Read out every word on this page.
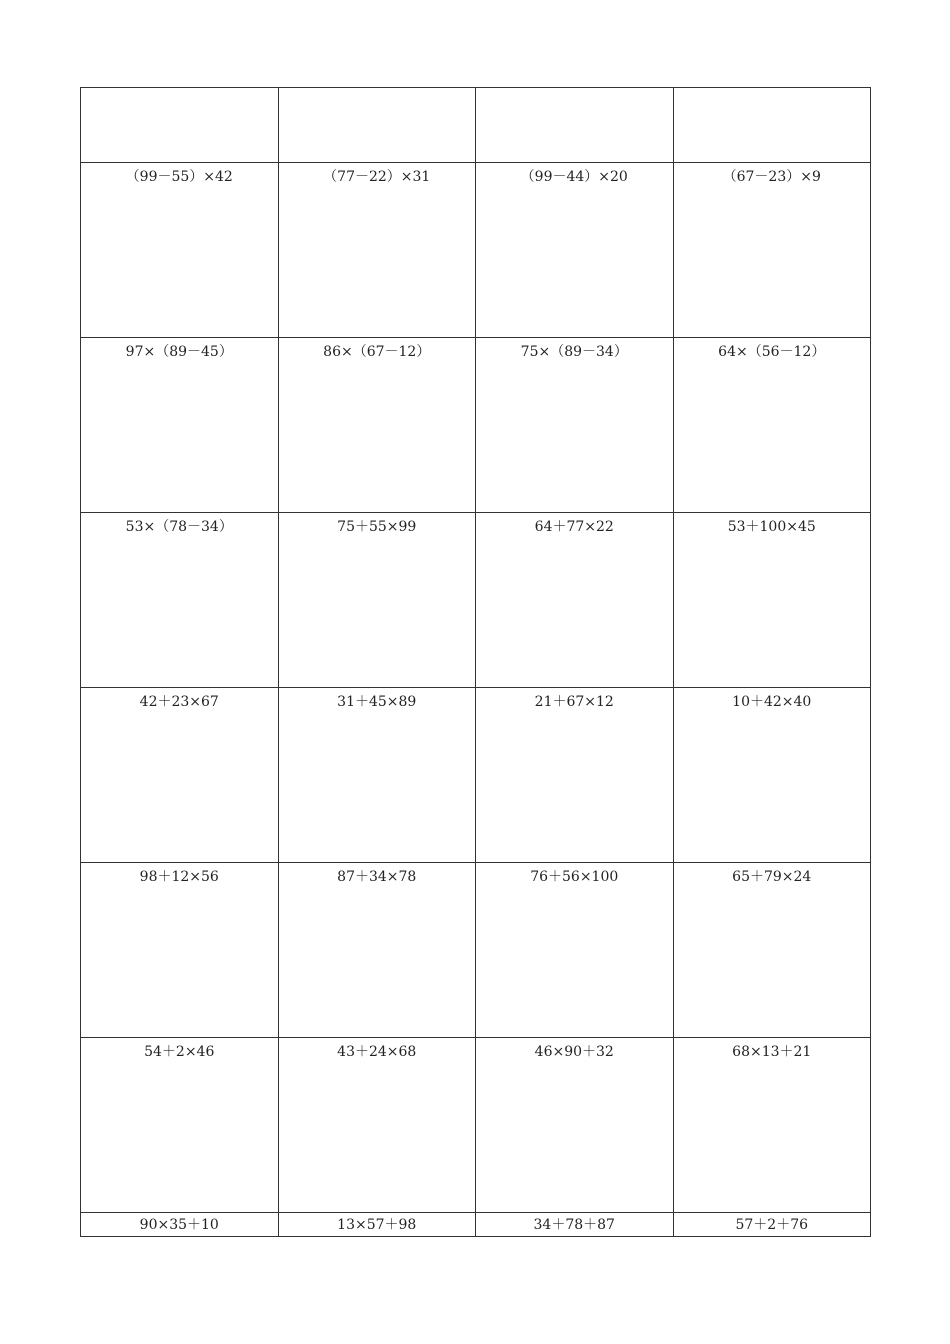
（99－55）×42	（77－22）×31	（99－44）×20	（67－23）×9

97×（89－45）	86×（67－12）	75×（89－34）	64×（56－12）

53×（78－34）	75＋55×99	64＋77×22	53＋100×45

42＋23×67	31＋45×89	21＋67×12	10＋42×40

98＋12×56	87＋34×78	76＋56×100	65＋79×24

54＋2×46	43＋24×68	46×90＋32	68×13＋21

90×35＋10	13×57＋98	34＋78＋87	57＋2＋76
